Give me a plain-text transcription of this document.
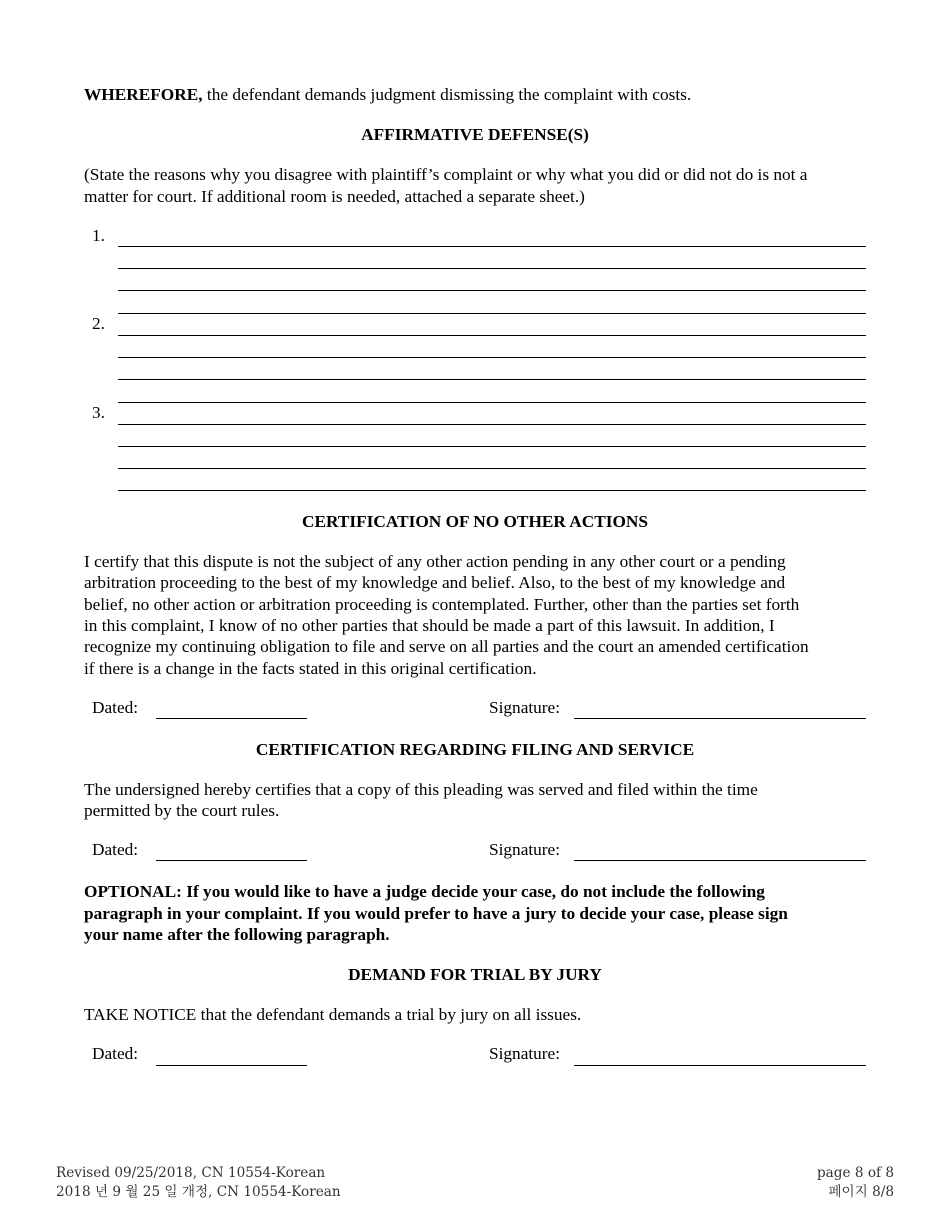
WHEREFORE, the defendant demands judgment dismissing the complaint with costs.
AFFIRMATIVE DEFENSE(S)
(State the reasons why you disagree with plaintiff’s complaint or why what you did or did not do is not a
matter for court. If additional room is needed, attached a separate sheet.)
1.
2.
3.
CERTIFICATION OF NO OTHER ACTIONS
I certify that this dispute is not the subject of any other action pending in any other court or a pending
arbitration proceeding to the best of my knowledge and belief. Also, to the best of my knowledge and
belief, no other action or arbitration proceeding is contemplated. Further, other than the parties set forth
in this complaint, I know of no other parties that should be made a part of this lawsuit. In addition, I
recognize my continuing obligation to file and serve on all parties and the court an amended certification
if there is a change in the facts stated in this original certification.
Dated:	Signature:
CERTIFICATION REGARDING FILING AND SERVICE
The undersigned hereby certifies that a copy of this pleading was served and filed within the time
permitted by the court rules.
Dated:	Signature:
OPTIONAL: If you would like to have a judge decide your case, do not include the following
paragraph in your complaint. If you would prefer to have a jury to decide your case, please sign
your name after the following paragraph.
DEMAND FOR TRIAL BY JURY
TAKE NOTICE that the defendant demands a trial by jury on all issues.
Dated:	Signature:
Revised 09/25/2018, CN 10554-Korean
2018 년 9 월 25 일 개정, CN 10554-Korean
page 8 of 8
페이지 8/8
